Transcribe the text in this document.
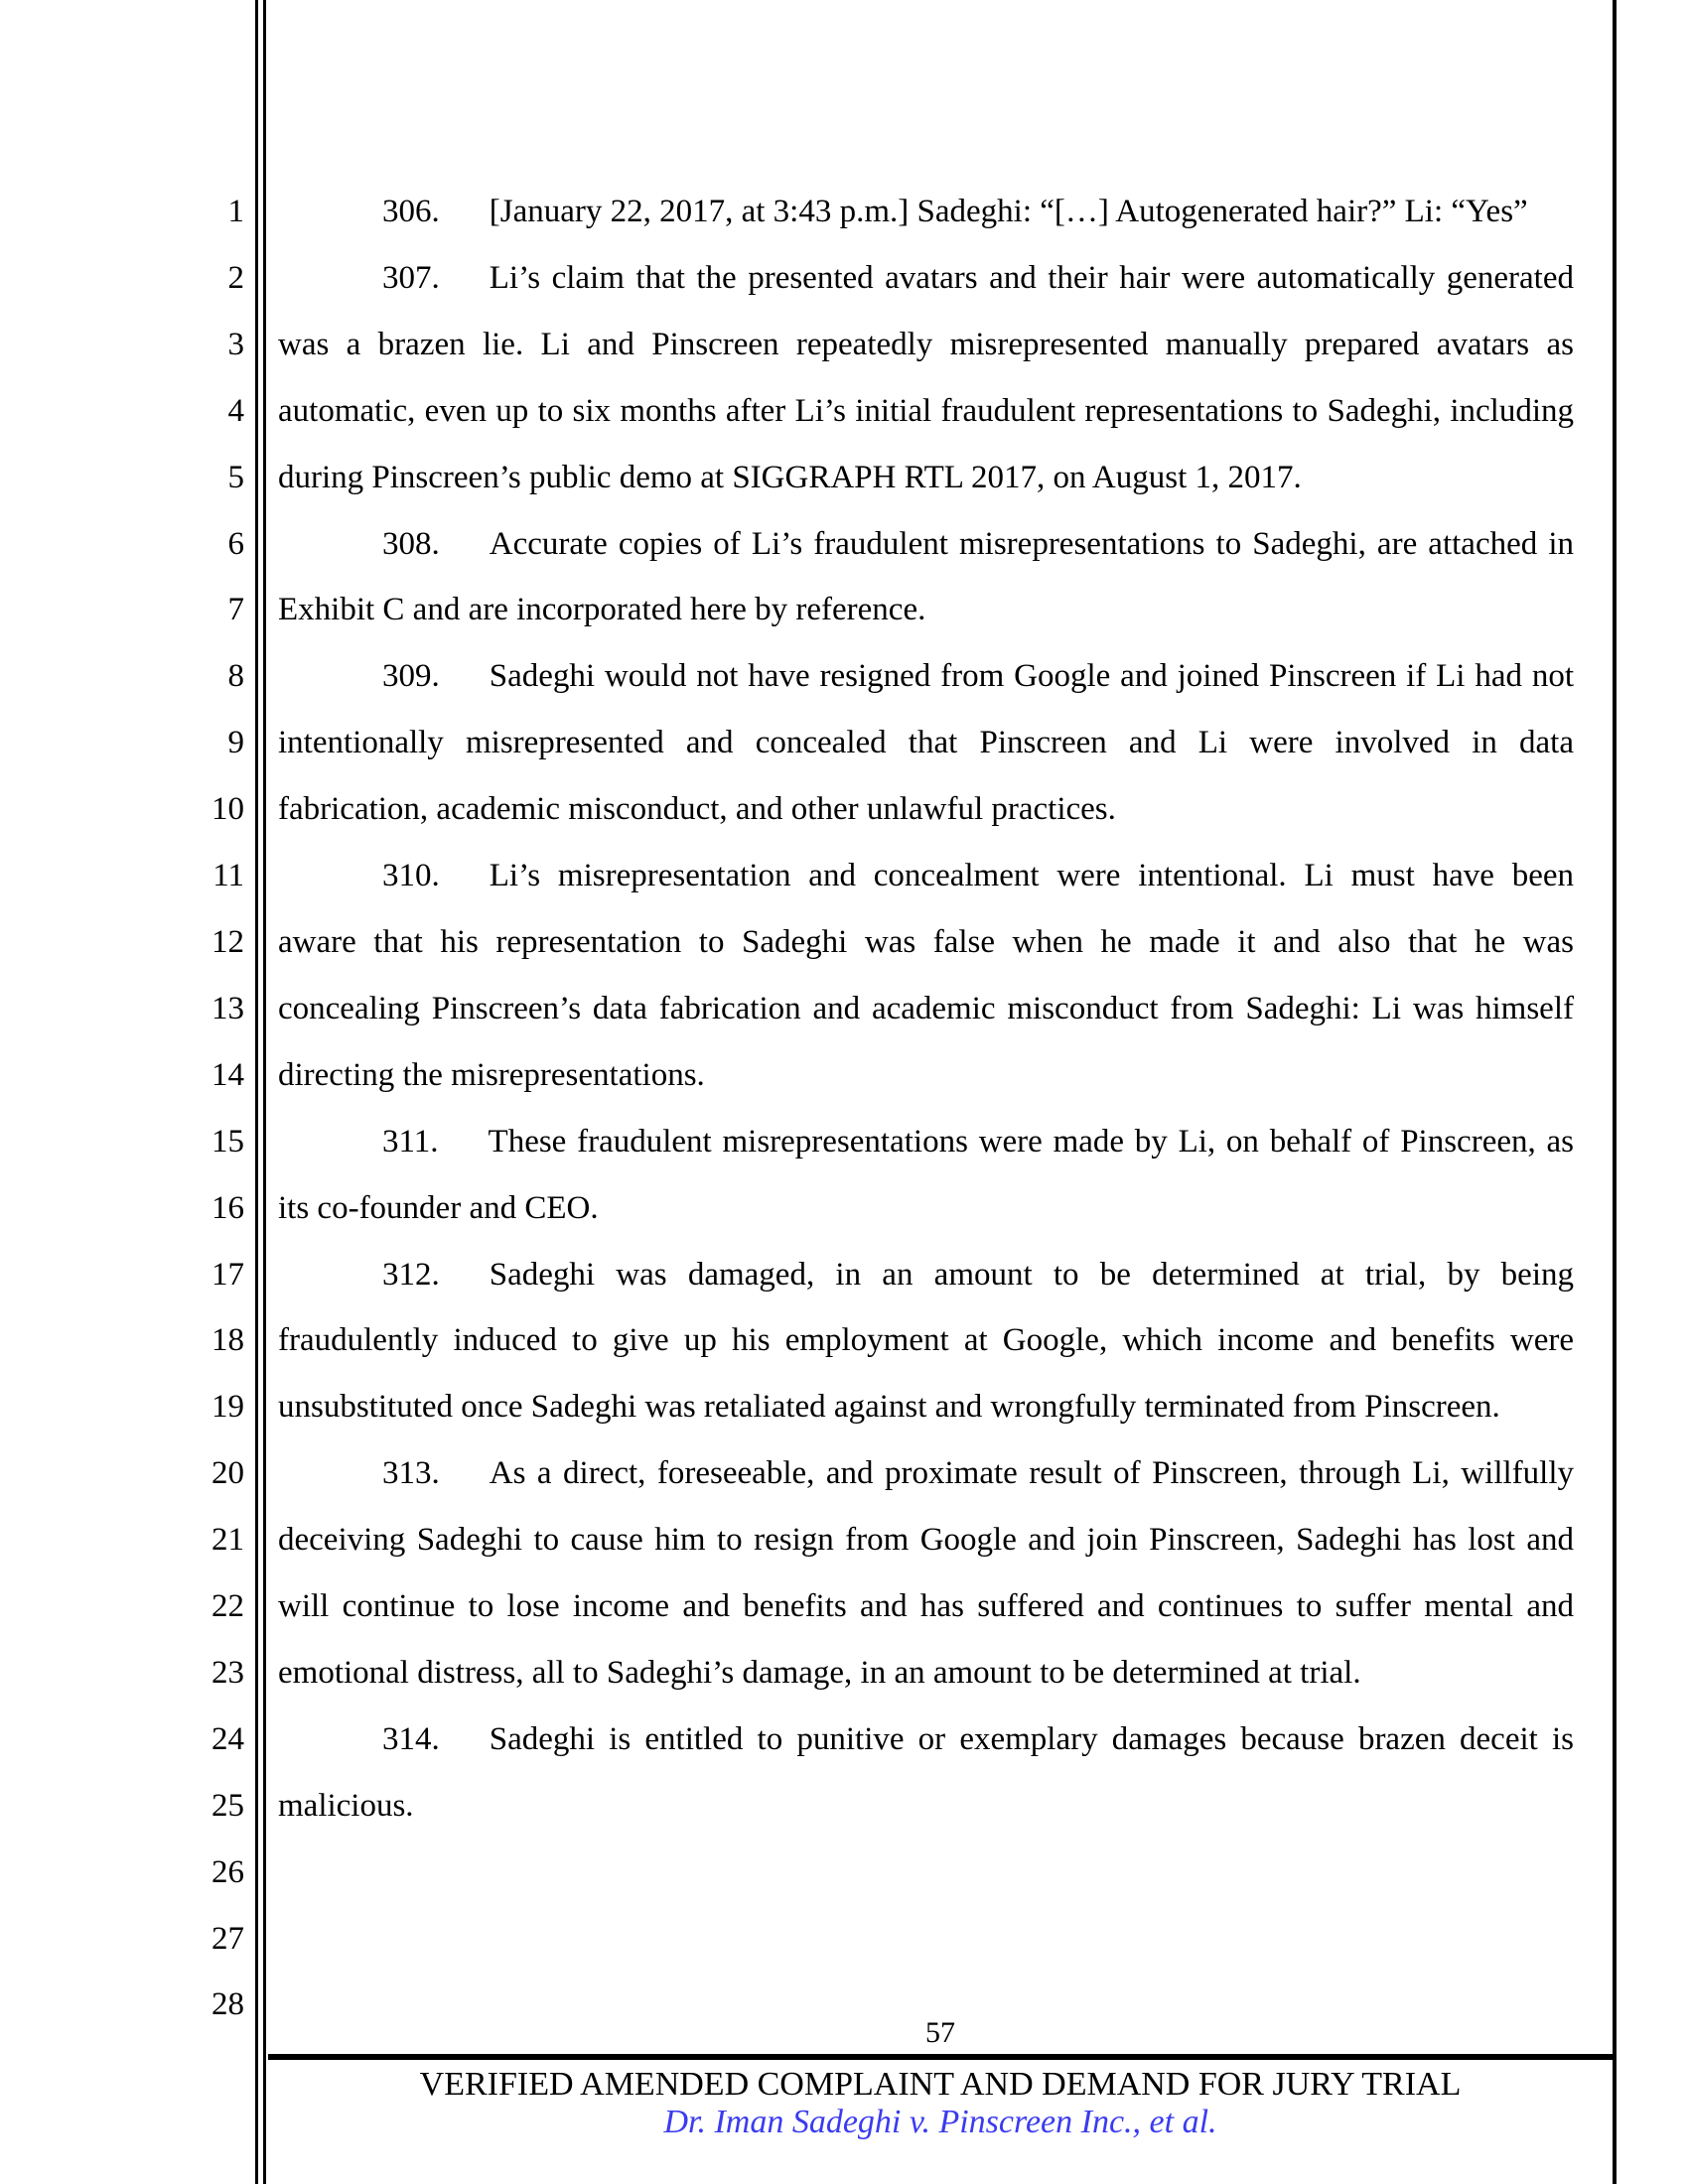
1
2
3
4
5
6
7
8
9
10
11
12
13
14
15
16
17
18
19
20
21
22
23
24
25
26
27
28

306. [January 22, 2017, at 3:43 p.m.] Sadeghi: “[…] Autogenerated hair?” Li: “Yes”

307. Li’s claim that the presented avatars and their hair were automatically generated was a brazen lie. Li and Pinscreen repeatedly misrepresented manually prepared avatars as automatic, even up to six months after Li’s initial fraudulent representations to Sadeghi, including during Pinscreen’s public demo at SIGGRAPH RTL 2017, on August 1, 2017.

308. Accurate copies of Li’s fraudulent misrepresentations to Sadeghi, are attached in Exhibit C and are incorporated here by reference.

309. Sadeghi would not have resigned from Google and joined Pinscreen if Li had not intentionally misrepresented and concealed that Pinscreen and Li were involved in data fabrication, academic misconduct, and other unlawful practices.

310. Li’s misrepresentation and concealment were intentional. Li must have been aware that his representation to Sadeghi was false when he made it and also that he was concealing Pinscreen’s data fabrication and academic misconduct from Sadeghi: Li was himself directing the misrepresentations.

311. These fraudulent misrepresentations were made by Li, on behalf of Pinscreen, as its co-founder and CEO.

312. Sadeghi was damaged, in an amount to be determined at trial, by being fraudulently induced to give up his employment at Google, which income and benefits were unsubstituted once Sadeghi was retaliated against and wrongfully terminated from Pinscreen.

313. As a direct, foreseeable, and proximate result of Pinscreen, through Li, willfully deceiving Sadeghi to cause him to resign from Google and join Pinscreen, Sadeghi has lost and will continue to lose income and benefits and has suffered and continues to suffer mental and emotional distress, all to Sadeghi’s damage, in an amount to be determined at trial.

314. Sadeghi is entitled to punitive or exemplary damages because brazen deceit is malicious.

57
VERIFIED AMENDED COMPLAINT AND DEMAND FOR JURY TRIAL
Dr. Iman Sadeghi v. Pinscreen Inc., et al.
